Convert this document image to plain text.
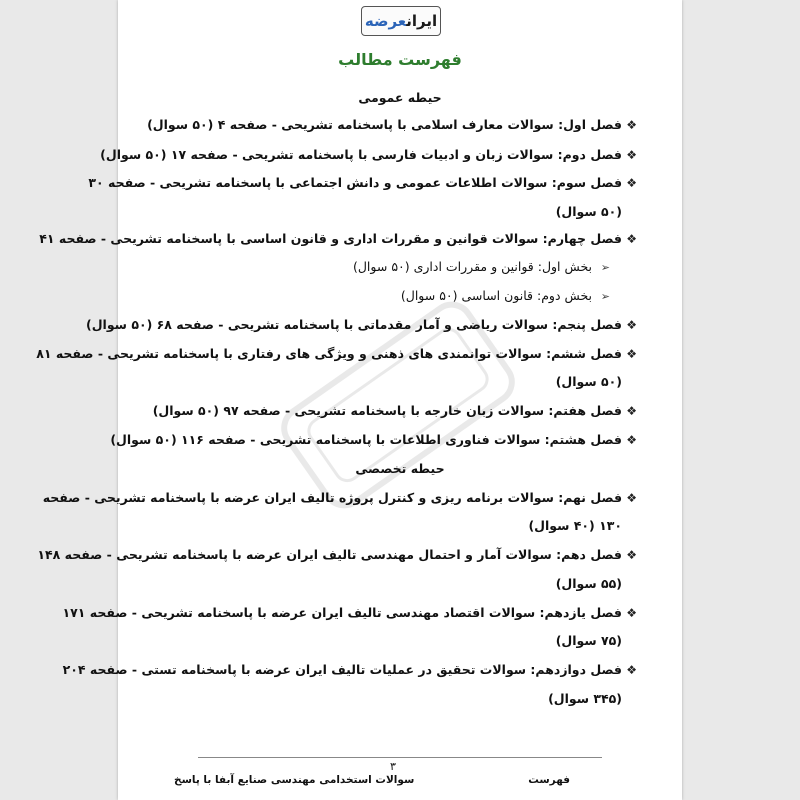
ایرانعرضه
فهرست مطالب
حیطه عمومی
❖
فصل اول: سوالات معارف اسلامی با پاسخنامه تشریحی - صفحه ۴ (۵۰ سوال)
❖
فصل دوم: سوالات زبان و ادبیات فارسی با پاسخنامه تشریحی - صفحه ۱۷ (۵۰ سوال)
❖
فصل سوم: سوالات اطلاعات عمومی و دانش اجتماعی با پاسخنامه تشریحی - صفحه ۳۰
(۵۰ سوال)
❖
فصل چهارم: سوالات قوانین و مقررات اداری و قانون اساسی با پاسخنامه تشریحی - صفحه ۴۱
➢
بخش اول: قوانین و مقررات اداری (۵۰ سوال)
➢
بخش دوم: قانون اساسی (۵۰ سوال)
❖
فصل پنجم: سوالات ریاضی و آمار مقدماتی با پاسخنامه تشریحی - صفحه ۶۸ (۵۰ سوال)
❖
فصل ششم: سوالات توانمندی های ذهنی و ویژگی های رفتاری با پاسخنامه تشریحی - صفحه ۸۱
(۵۰ سوال)
❖
فصل هفتم: سوالات زبان خارجه با پاسخنامه تشریحی - صفحه ۹۷ (۵۰ سوال)
❖
فصل هشتم: سوالات فناوری اطلاعات با پاسخنامه تشریحی - صفحه ۱۱۶ (۵۰ سوال)
حیطه تخصصی
❖
فصل نهم: سوالات برنامه ریزی و کنترل پروژه تالیف ایران عرضه با پاسخنامه تشریحی - صفحه
۱۳۰ (۴۰ سوال)
❖
فصل دهم: سوالات آمار و احتمال مهندسی تالیف ایران عرضه با پاسخنامه تشریحی - صفحه ۱۴۸
(۵۵ سوال)
❖
فصل یازدهم: سوالات اقتصاد مهندسی تالیف ایران عرضه با پاسخنامه تشریحی - صفحه ۱۷۱
(۷۵ سوال)
❖
فصل دوازدهم: سوالات تحقیق در عملیات تالیف ایران عرضه با پاسخنامه تستی - صفحه ۲۰۴
(۳۴۵ سوال)
۳
فهرست
سوالات استخدامی مهندسی صنایع آبفا با پاسخ
